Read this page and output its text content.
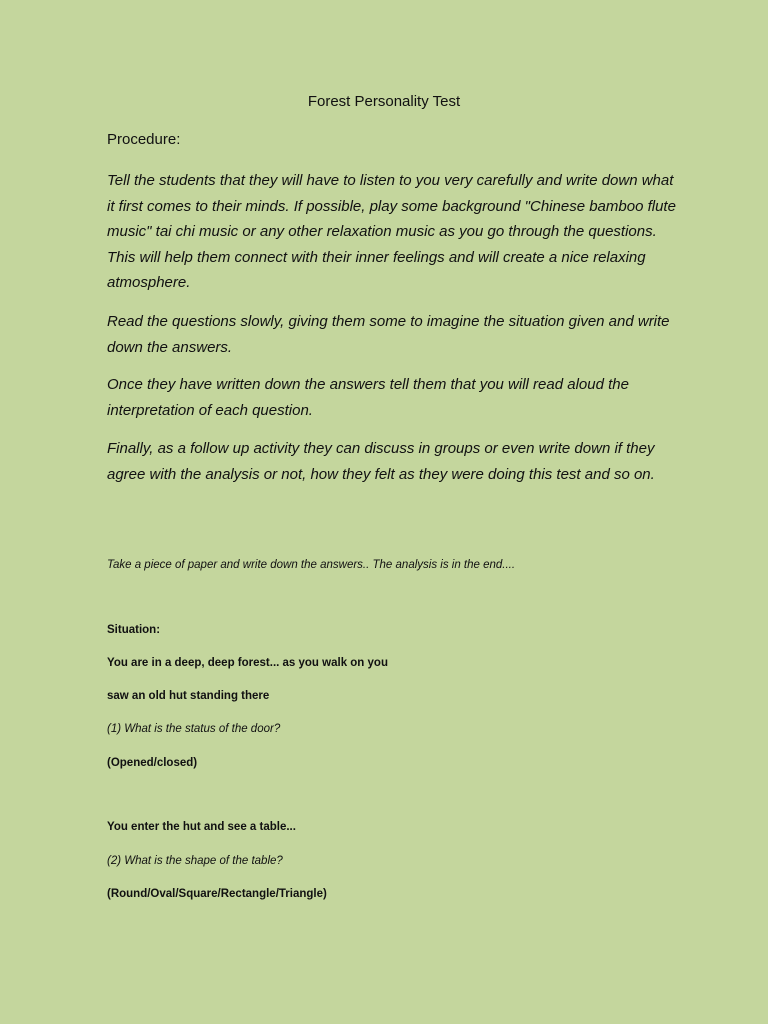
Forest Personality Test
Procedure:
Tell the students that they will have to listen to you very carefully and write down what it first comes to their minds. If possible, play some background "Chinese bamboo flute music" tai chi music or any other relaxation music as you go through the questions. This will help them connect with their inner feelings and will create a nice relaxing atmosphere.
Read the questions slowly, giving them some to imagine the situation given and write down the answers.
Once they have written down the answers tell them that you will read aloud the interpretation of each question.
Finally, as a follow up activity they can discuss in groups or even write down if they agree with the analysis or not, how they felt as they were doing this test and so on.
Take a piece of paper and write down the answers.. The analysis is in the end....
Situation:
You are in a deep, deep forest... as you walk on you
saw an old hut standing there
(1) What is the status of the door?
(Opened/closed)
You enter the hut and see a table...
(2) What is the shape of the table?
(Round/Oval/Square/Rectangle/Triangle)
